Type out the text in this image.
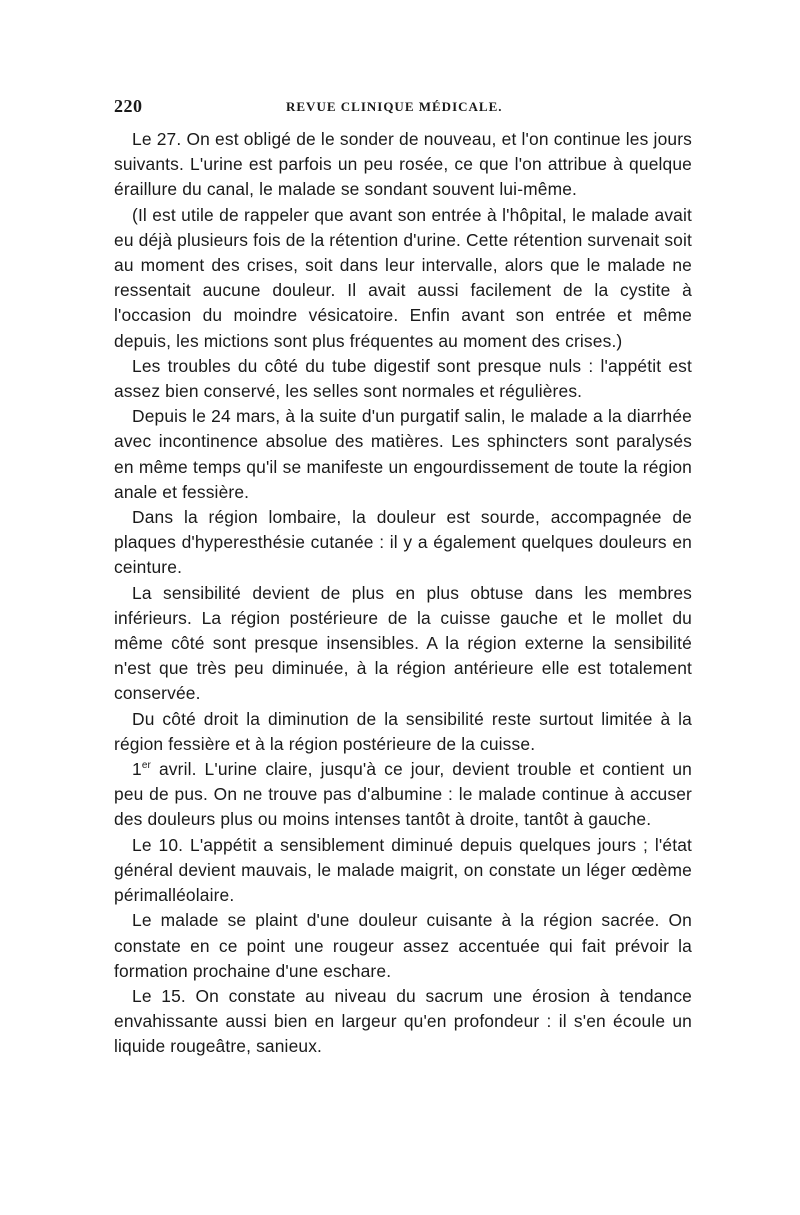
220	REVUE CLINIQUE MÉDICALE.

Le 27. On est obligé de le sonder de nouveau, et l'on continue les jours suivants. L'urine est parfois un peu rosée, ce que l'on attribue à quelque éraillure du canal, le malade se sondant souvent lui-même.

(Il est utile de rappeler que avant son entrée à l'hôpital, le malade avait eu déjà plusieurs fois de la rétention d'urine. Cette rétention survenait soit au moment des crises, soit dans leur intervalle, alors que le malade ne ressentait aucune douleur. Il avait aussi facilement de la cystite à l'occasion du moindre vésicatoire. Enfin avant son entrée et même depuis, les mictions sont plus fréquentes au moment des crises.)

Les troubles du côté du tube digestif sont presque nuls : l'appétit est assez bien conservé, les selles sont normales et régulières.

Depuis le 24 mars, à la suite d'un purgatif salin, le malade a la diarrhée avec incontinence absolue des matières. Les sphincters sont paralysés en même temps qu'il se manifeste un engourdissement de toute la région anale et fessière.

Dans la région lombaire, la douleur est sourde, accompagnée de plaques d'hyperesthésie cutanée : il y a également quelques douleurs en ceinture.

La sensibilité devient de plus en plus obtuse dans les membres inférieurs. La région postérieure de la cuisse gauche et le mollet du même côté sont presque insensibles. A la région externe la sensibilité n'est que très peu diminuée, à la région antérieure elle est totalement conservée.

Du côté droit la diminution de la sensibilité reste surtout limitée à la région fessière et à la région postérieure de la cuisse.

1er avril. L'urine claire, jusqu'à ce jour, devient trouble et contient un peu de pus. On ne trouve pas d'albumine : le malade continue à accuser des douleurs plus ou moins intenses tantôt à droite, tantôt à gauche.

Le 10. L'appétit a sensiblement diminué depuis quelques jours ; l'état général devient mauvais, le malade maigrit, on constate un léger œdème périmalléolaire.

Le malade se plaint d'une douleur cuisante à la région sacrée. On constate en ce point une rougeur assez accentuée qui fait prévoir la formation prochaine d'une eschare.

Le 15. On constate au niveau du sacrum une érosion à tendance envahissante aussi bien en largeur qu'en profondeur : il s'en écoule un liquide rougeâtre, sanieux.
